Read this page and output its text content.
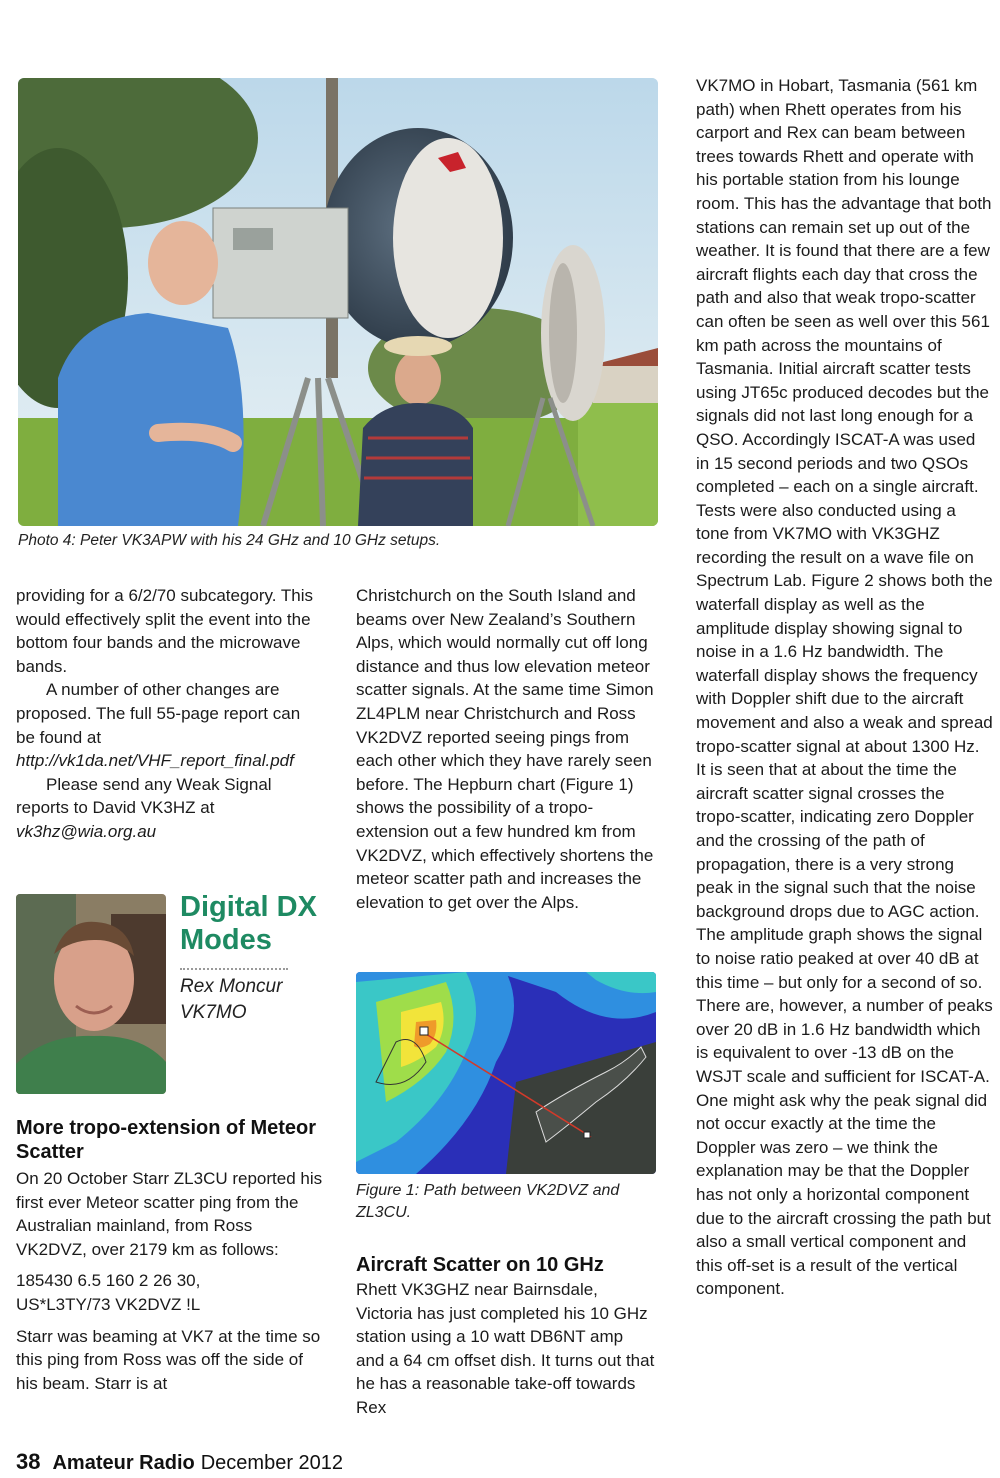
Photo 4: Peter VK3APW with his 24 GHz and 10 GHz setups.

providing for a 6/2/70 subcategory. This would effectively split the event into the bottom four bands and the microwave bands.

A number of other changes are proposed. The full 55-page report can be found at http://vk1da.net/VHF_report_final.pdf

Please send any Weak Signal reports to David VK3HZ at vk3hz@wia.org.au

Digital DX
Modes
Rex Moncur
VK7MO
More tropo-extension of Meteor Scatter

On 20 October Starr ZL3CU reported his first ever Meteor scatter ping from the Australian mainland, from Ross VK2DVZ, over 2179 km as follows:

185430 6.5 160 2 26 30,

US*L3TY/73 VK2DVZ !L

Starr was beaming at VK7 at the time so this ping from Ross was off the side of his beam. Starr is at

Christchurch on the South Island and beams over New Zealand’s Southern Alps, which would normally cut off long distance and thus low elevation meteor scatter signals. At the same time Simon ZL4PLM near Christchurch and Ross VK2DVZ reported seeing pings from each other which they have rarely seen before. The Hepburn chart (Figure 1) shows the possibility of a tropo-extension out a few hundred km from VK2DVZ, which effectively shortens the meteor scatter path and increases the elevation to get over the Alps.

Figure 1: Path between VK2DVZ and ZL3CU.
Aircraft Scatter on 10 GHz

Rhett VK3GHZ near Bairnsdale, Victoria has just completed his 10 GHz station using a 10 watt DB6NT amp and a 64 cm offset dish. It turns out that he has a reasonable take-off towards Rex

VK7MO in Hobart, Tasmania (561 km path) when Rhett operates from his carport and Rex can beam between trees towards Rhett and operate with his portable station from his lounge room. This has the advantage that both stations can remain set up out of the weather. It is found that there are a few aircraft flights each day that cross the path and also that weak tropo-scatter can often be seen as well over this 561 km path across the mountains of Tasmania. Initial aircraft scatter tests using JT65c produced decodes but the signals did not last long enough for a QSO. Accordingly ISCAT-A was used in 15 second periods and two QSOs completed – each on a single aircraft. Tests were also conducted using a tone from VK7MO with VK3GHZ recording the result on a wave file on Spectrum Lab. Figure 2 shows both the waterfall display as well as the amplitude display showing signal to noise in a 1.6 Hz bandwidth. The waterfall display shows the frequency with Doppler shift due to the aircraft movement and also a weak and spread tropo-scatter signal at about 1300 Hz.

It is seen that at about the time the aircraft scatter signal crosses the tropo-scatter, indicating zero Doppler and the crossing of the path of propagation, there is a very strong peak in the signal such that the noise background drops due to AGC action. The amplitude graph shows the signal to noise ratio peaked at over 40 dB at this time – but only for a second of so. There are, however, a number of peaks over 20 dB in 1.6 Hz bandwidth which is equivalent to over -13 dB on the WSJT scale and sufficient for ISCAT-A. One might ask why the peak signal did not occur exactly at the time the Doppler was zero – we think the explanation may be that the Doppler has not only a horizontal component due to the aircraft crossing the path but also a small vertical component and this off-set is a result of the vertical component.

38 Amateur Radio December 2012
